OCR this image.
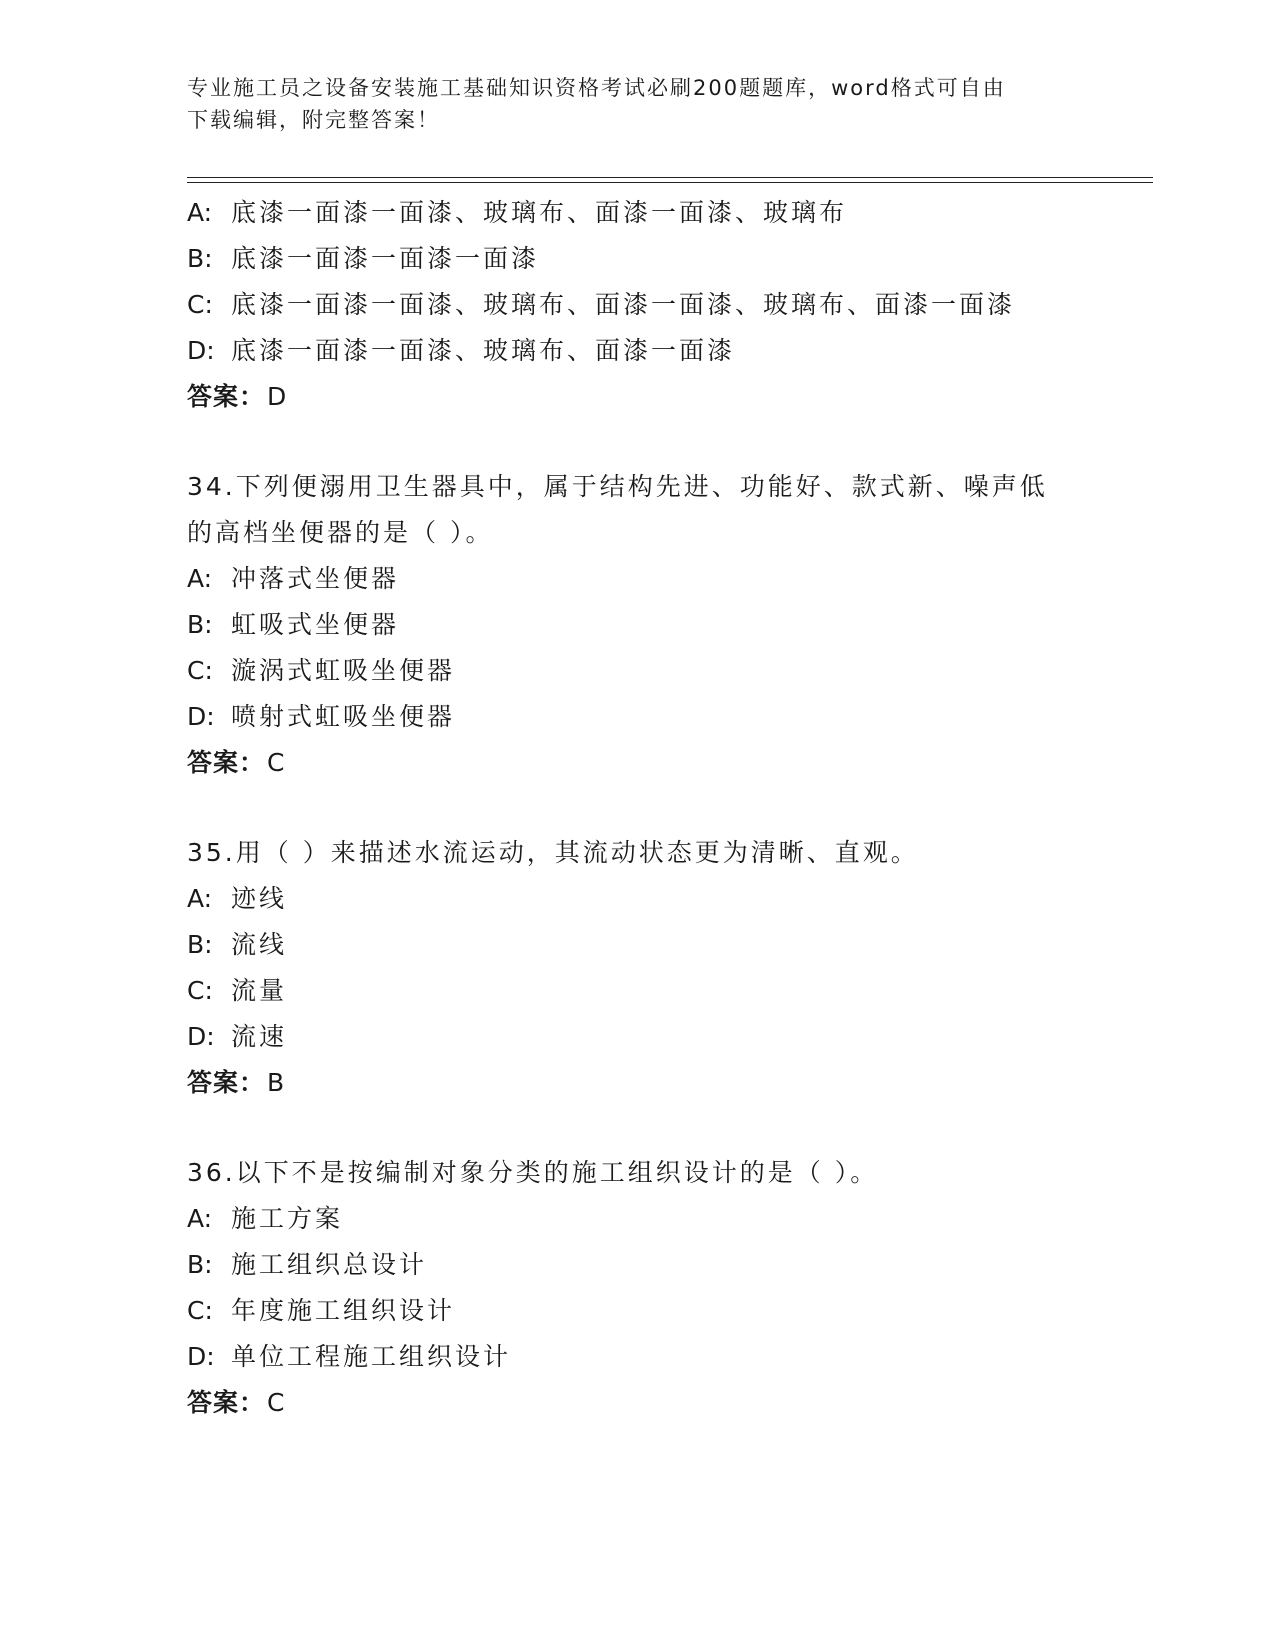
专业施工员之设备安装施工基础知识资格考试必刷200题题库，word格式可自由
下载编辑，附完整答案！
A: 底漆一面漆一面漆、玻璃布、面漆一面漆、玻璃布
B: 底漆一面漆一面漆一面漆
C: 底漆一面漆一面漆、玻璃布、面漆一面漆、玻璃布、面漆一面漆
D: 底漆一面漆一面漆、玻璃布、面漆一面漆
答案：D
34.下列便溺用卫生器具中，属于结构先进、功能好、款式新、噪声低
的高档坐便器的是（ ）。
A: 冲落式坐便器
B: 虹吸式坐便器
C: 漩涡式虹吸坐便器
D: 喷射式虹吸坐便器
答案：C
35.用（ ）来描述水流运动，其流动状态更为清晰、直观。
A: 迹线
B: 流线
C: 流量
D: 流速
答案：B
36.以下不是按编制对象分类的施工组织设计的是（ ）。
A: 施工方案
B: 施工组织总设计
C: 年度施工组织设计
D: 单位工程施工组织设计
答案：C
